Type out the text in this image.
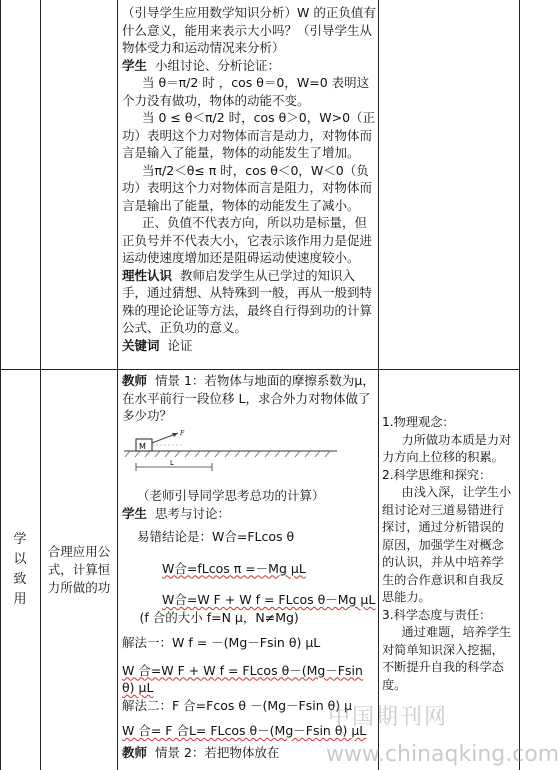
（引导学生应用数学知识分析）W 的正负值有什么意义，能用来表示大小吗？（引导学生从物体受力和运动情况来分析）

学生 小组讨论、分析论证：

当 θ＝π/2 时 ，cos θ＝0，W=0 表明这个力没有做功，物体的动能不变。

当 0 ≤ θ＜π/2 时，cos θ＞0，W>0（正功）表明这个力对物体而言是动力，对物体而言是输入了能量，物体的动能发生了增加。

当π/2＜θ≤ π 时，cos θ＜0，W＜0（负功）表明这个力对物体而言是阻力，对物体而言是输出了能量，物体的动能发生了减小。

正、负值不代表方向，所以功是标量，但正负号并不代表大小，它表示该作用力是促进运动使速度增加还是阻碍运动使速度较小。

理性认识 教师启发学生从已学过的知识入手，通过猜想、从特殊到一般，再从一般到特殊的理论论证等方法，最终自行得到功的计算公式、正负功的意义。

关键词 论证

学
以
致
用
合理应用公式，计算恒力所做的功

教师 情景 1：若物体与地面的摩擦系数为μ，在水平前行一段位移 L，求合外力对物体做了多少功？

M
F
L

（老师引导同学思考总功的计算）

学生 思考与讨论：

易错结论是：W合=FLcos θ

W合=fLcos π =－Mg μL

W合=W F + W f = FLcos θ－Mg μL

(f 合的大小 f=N μ，N≠Mg)

解法一：W f = －(Mg－Fsin θ) μL

W 合=W F + W f = FLcos θ－(Mg－Fsin θ) μL

解法二：F 合=Fcos θ －(Mg－Fsin θ) μ

W 合= F 合L= FLcos θ－(Mg－Fsin θ) μL

教师 情景 2：若把物体放在

1.物理观念：

力所做功本质是力对力方向上位移的积累。

2.科学思维和探究：

由浅入深，让学生小组讨论对三道易错进行探讨，通过分析错误的原因，加强学生对概念的认识，并从中培养学生的合作意识和自我反思能力。

3.科学态度与责任：

通过难题，培养学生对简单知识深入挖掘，不断提升自我的科学态度。

中国期刊网
www.chinaqking.com
